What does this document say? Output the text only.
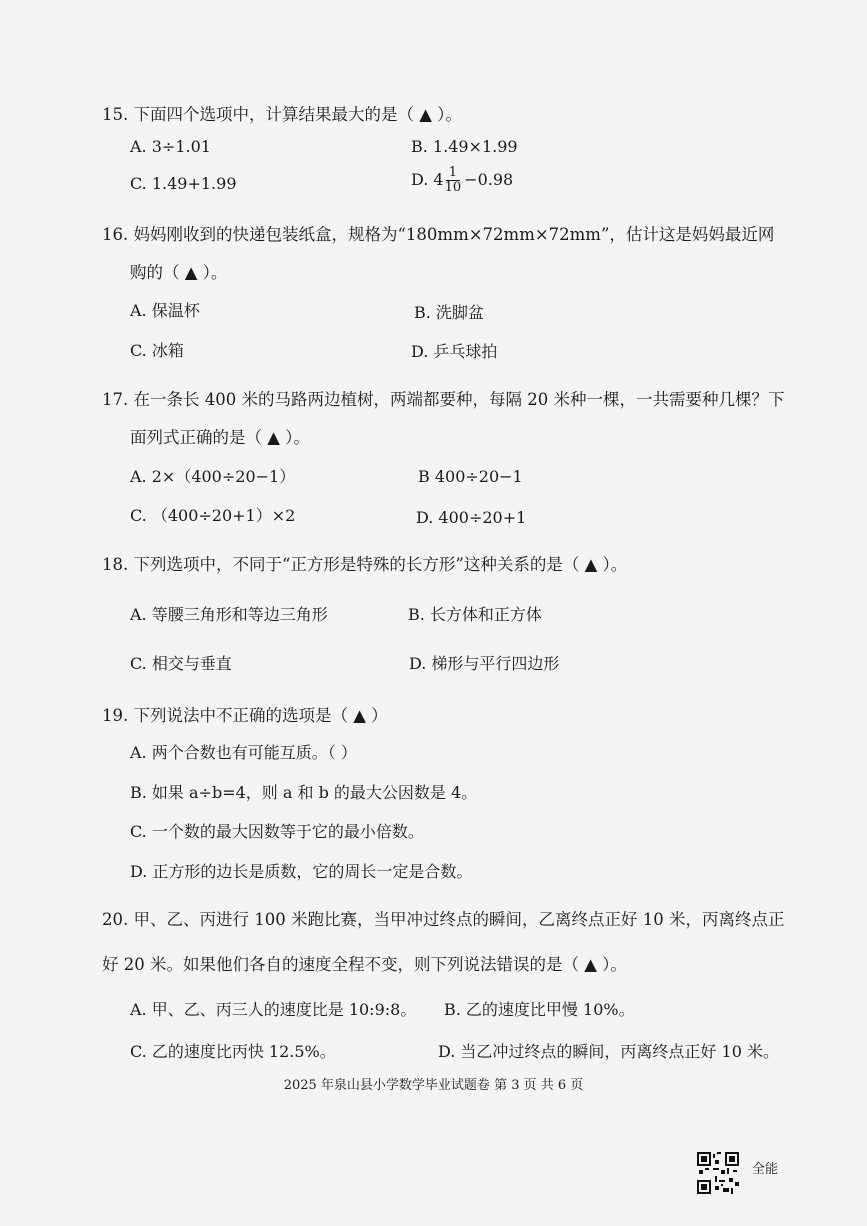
15. 下面四个选项中，计算结果最大的是（ ▲ ）。
A. 3÷1.01	B. 1.49×1.99
C. 1.49+1.99	D. $4 \frac{1}{10} -0.98$
16. 妈妈刚收到的快递包装纸盒，规格为“180mm×72mm×72mm”，估计这是妈妈最近网
购的（ ▲ ）。
A. 保温杯	B. 洗脚盆
C. 冰箱	D. 乒乓球拍
17. 在一条长 400 米的马路两边植树，两端都要种，每隔 20 米种一棵，一共需要种几棵？下
面列式正确的是（ ▲ ）。
A. 2×（400÷20−1）	B 400÷20−1
C. （400÷20+1）×2	D. 400÷20+1
18. 下列选项中，不同于“正方形是特殊的长方形”这种关系的是（ ▲ ）。
A. 等腰三角形和等边三角形	B. 长方体和正方体
C. 相交与垂直	D. 梯形与平行四边形
19. 下列说法中不正确的选项是（ ▲ ）
A. 两个合数也有可能互质。（ ）
B. 如果 a÷b=4，则 a 和 b 的最大公因数是 4。
C. 一个数的最大因数等于它的最小倍数。
D. 正方形的边长是质数，它的周长一定是合数。
20. 甲、乙、丙进行 100 米跑比赛，当甲冲过终点的瞬间，乙离终点正好 10 米，丙离终点正
好 20 米。如果他们各自的速度全程不变，则下列说法错误的是（ ▲ ）。
A. 甲、乙、丙三人的速度比是 10:9:8。 B. 乙的速度比甲慢 10%。
C. 乙的速度比丙快 12.5%。	D. 当乙冲过终点的瞬间，丙离终点正好 10 米。
2025 年泉山县小学数学毕业试题卷 第 3 页 共 6 页
全能
